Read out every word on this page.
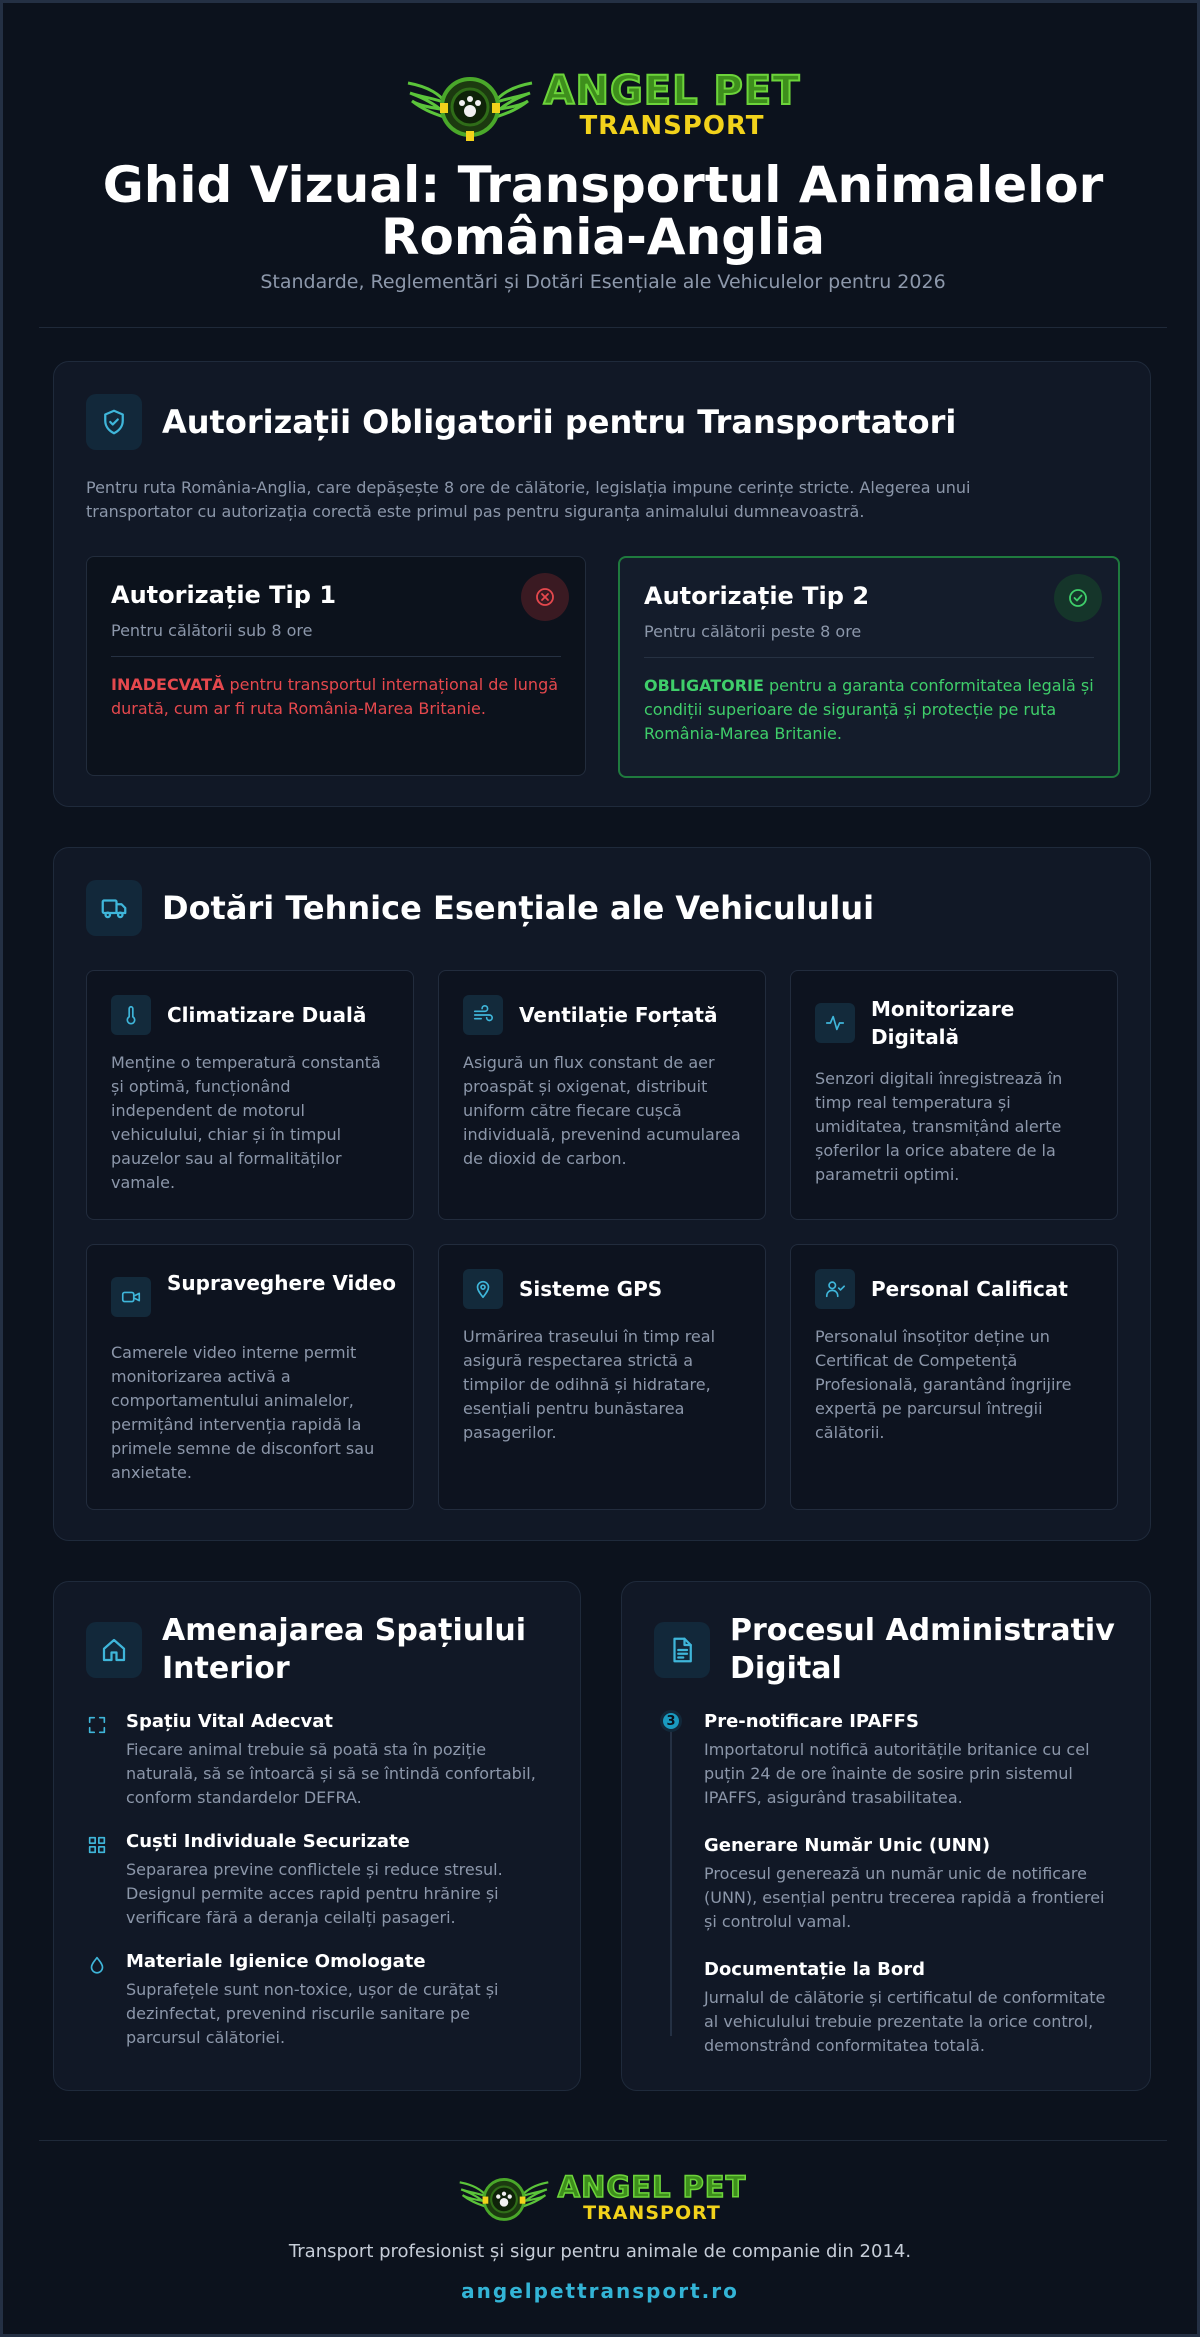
ANGEL PET
TRANSPORT
Ghid Vizual: Transportul Animalelor
România-Anglia
Standarde, Reglementări și Dotări Esențiale ale Vehiculelor pentru 2026
Autorizații Obligatorii pentru Transportatori
Pentru ruta România-Anglia, care depășește 8 ore de călătorie, legislația impune cerințe stricte. Alegerea unui transportator cu autorizația corectă este primul pas pentru siguranța animalului dumneavoastră.
Autorizație Tip 1
Pentru călătorii sub 8 ore
INADECVATĂ pentru transportul internațional de lungă durată, cum ar fi ruta România-Marea Britanie.
Autorizație Tip 2
Pentru călătorii peste 8 ore
OBLIGATORIE pentru a garanta conformitatea legală și condiții superioare de siguranță și protecție pe ruta România-Marea Britanie.
Dotări Tehnice Esențiale ale Vehiculului
Climatizare Duală
Menține o temperatură constantă și optimă, funcționând independent de motorul vehiculului, chiar și în timpul pauzelor sau al formalităților vamale.
Ventilație Forțată
Asigură un flux constant de aer proaspăt și oxigenat, distribuit uniform către fiecare cușcă individuală, prevenind acumularea de dioxid de carbon.
Monitorizare Digitală
Senzori digitali înregistrează în timp real temperatura și umiditatea, transmițând alerte șoferilor la orice abatere de la parametrii optimi.
Supraveghere Video
Camerele video interne permit monitorizarea activă a comportamentului animalelor, permițând intervenția rapidă la primele semne de disconfort sau anxietate.
Sisteme GPS
Urmărirea traseului în timp real asigură respectarea strictă a timpilor de odihnă și hidratare, esențiali pentru bunăstarea pasagerilor.
Personal Calificat
Personalul însoțitor deține un Certificat de Competență Profesională, garantând îngrijire expertă pe parcursul întregii călătorii.
Amenajarea Spațiului
Interior
Spațiu Vital Adecvat
Fiecare animal trebuie să poată sta în poziție naturală, să se întoarcă și să se întindă confortabil, conform standardelor DEFRA.
Cuști Individuale Securizate
Separarea previne conflictele și reduce stresul. Designul permite acces rapid pentru hrănire și verificare fără a deranja ceilalți pasageri.
Materiale Igienice Omologate
Suprafețele sunt non-toxice, ușor de curățat și dezinfectat, prevenind riscurile sanitare pe parcursul călătoriei.
Procesul Administrativ
Digital
3	Pre-notificare IPAFFS
Importatorul notifică autoritățile britanice cu cel puțin 24 de ore înainte de sosire prin sistemul IPAFFS, asigurând trasabilitatea.
Generare Număr Unic (UNN)
Procesul generează un număr unic de notificare (UNN), esențial pentru trecerea rapidă a frontierei și controlul vamal.
Documentație la Bord
Jurnalul de călătorie și certificatul de conformitate al vehiculului trebuie prezentate la orice control, demonstrând conformitatea totală.
ANGEL PET
TRANSPORT
Transport profesionist și sigur pentru animale de companie din 2014.
angelpettransport.ro
